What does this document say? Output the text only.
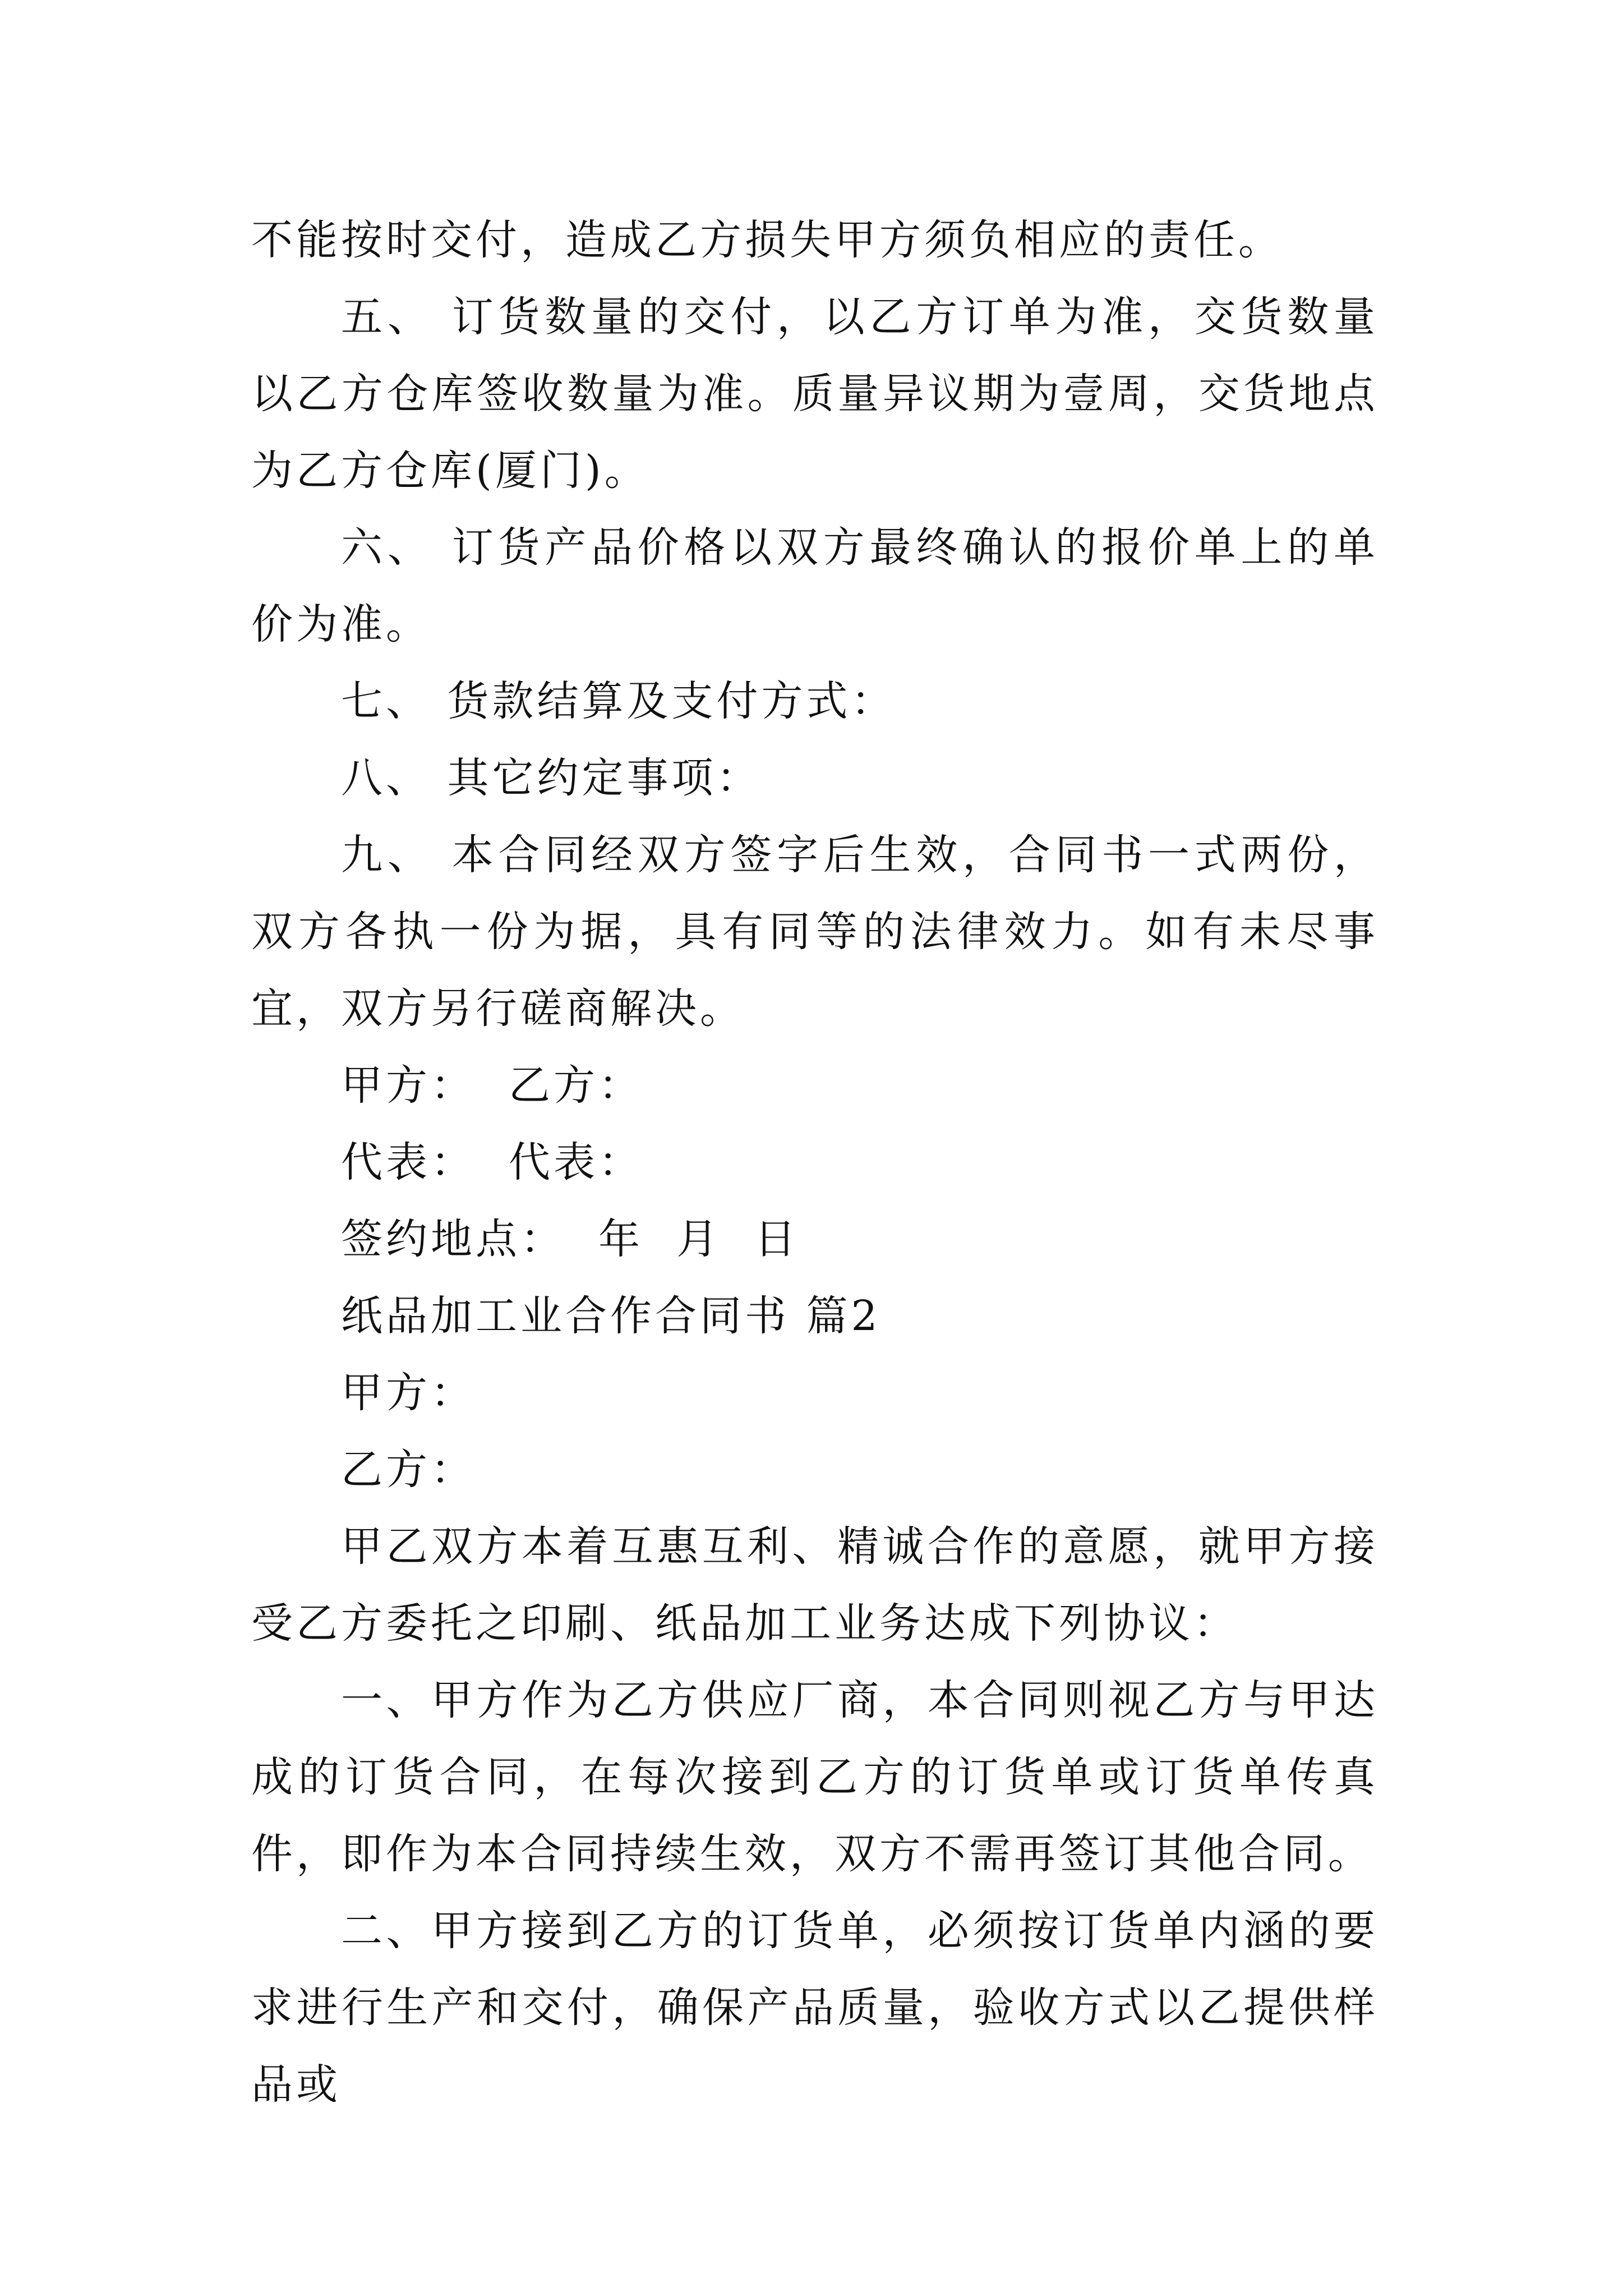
不能按时交付，造成乙方损失甲方须负相应的责任。

五、 订货数量的交付，以乙方订单为准，交货数量以乙方仓库签收数量为准。质量异议期为壹周，交货地点为乙方仓库(厦门)。

六、 订货产品价格以双方最终确认的报价单上的单价为准。

七、 货款结算及支付方式：

八、 其它约定事项：

九、 本合同经双方签字后生效，合同书一式两份，双方各执一份为据，具有同等的法律效力。如有未尽事宜，双方另行磋商解决。

甲方：  乙方：

代表：  代表：

签约地点：  年  月  日

纸品加工业合作合同书 篇2

甲方：

乙方：

甲乙双方本着互惠互利、精诚合作的意愿，就甲方接受乙方委托之印刷、纸品加工业务达成下列协议：

一、甲方作为乙方供应厂商，本合同则视乙方与甲达成的订货合同，在每次接到乙方的订货单或订货单传真件，即作为本合同持续生效，双方不需再签订其他合同。

二、甲方接到乙方的订货单，必须按订货单内涵的要求进行生产和交付，确保产品质量，验收方式以乙提供样品或
